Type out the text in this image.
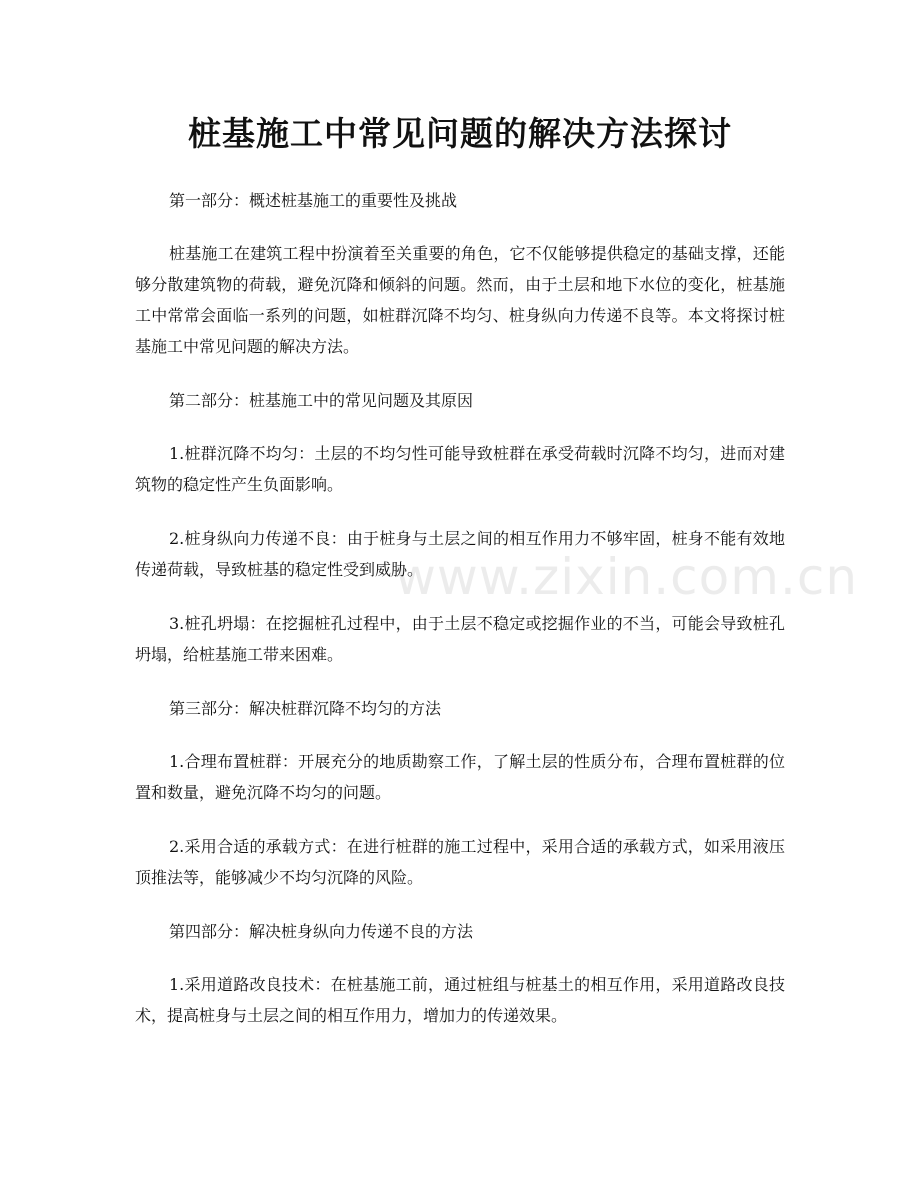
桩基施工中常见问题的解决方法探讨
www.zixin.com.cn

第一部分：概述桩基施工的重要性及挑战

桩基施工在建筑工程中扮演着至关重要的角色，它不仅能够提供稳定的基础支撑，还能够分散建筑物的荷载，避免沉降和倾斜的问题。然而，由于土层和地下水位的变化，桩基施工中常常会面临一系列的问题，如桩群沉降不均匀、桩身纵向力传递不良等。本文将探讨桩基施工中常见问题的解决方法。

第二部分：桩基施工中的常见问题及其原因

1.桩群沉降不均匀：土层的不均匀性可能导致桩群在承受荷载时沉降不均匀，进而对建筑物的稳定性产生负面影响。

2.桩身纵向力传递不良：由于桩身与土层之间的相互作用力不够牢固，桩身不能有效地传递荷载，导致桩基的稳定性受到威胁。

3.桩孔坍塌：在挖掘桩孔过程中，由于土层不稳定或挖掘作业的不当，可能会导致桩孔坍塌，给桩基施工带来困难。

第三部分：解决桩群沉降不均匀的方法

1.合理布置桩群：开展充分的地质勘察工作，了解土层的性质分布，合理布置桩群的位置和数量，避免沉降不均匀的问题。

2.采用合适的承载方式：在进行桩群的施工过程中，采用合适的承载方式，如采用液压顶推法等，能够减少不均匀沉降的风险。

第四部分：解决桩身纵向力传递不良的方法

1.采用道路改良技术：在桩基施工前，通过桩组与桩基土的相互作用，采用道路改良技术，提高桩身与土层之间的相互作用力，增加力的传递效果。
